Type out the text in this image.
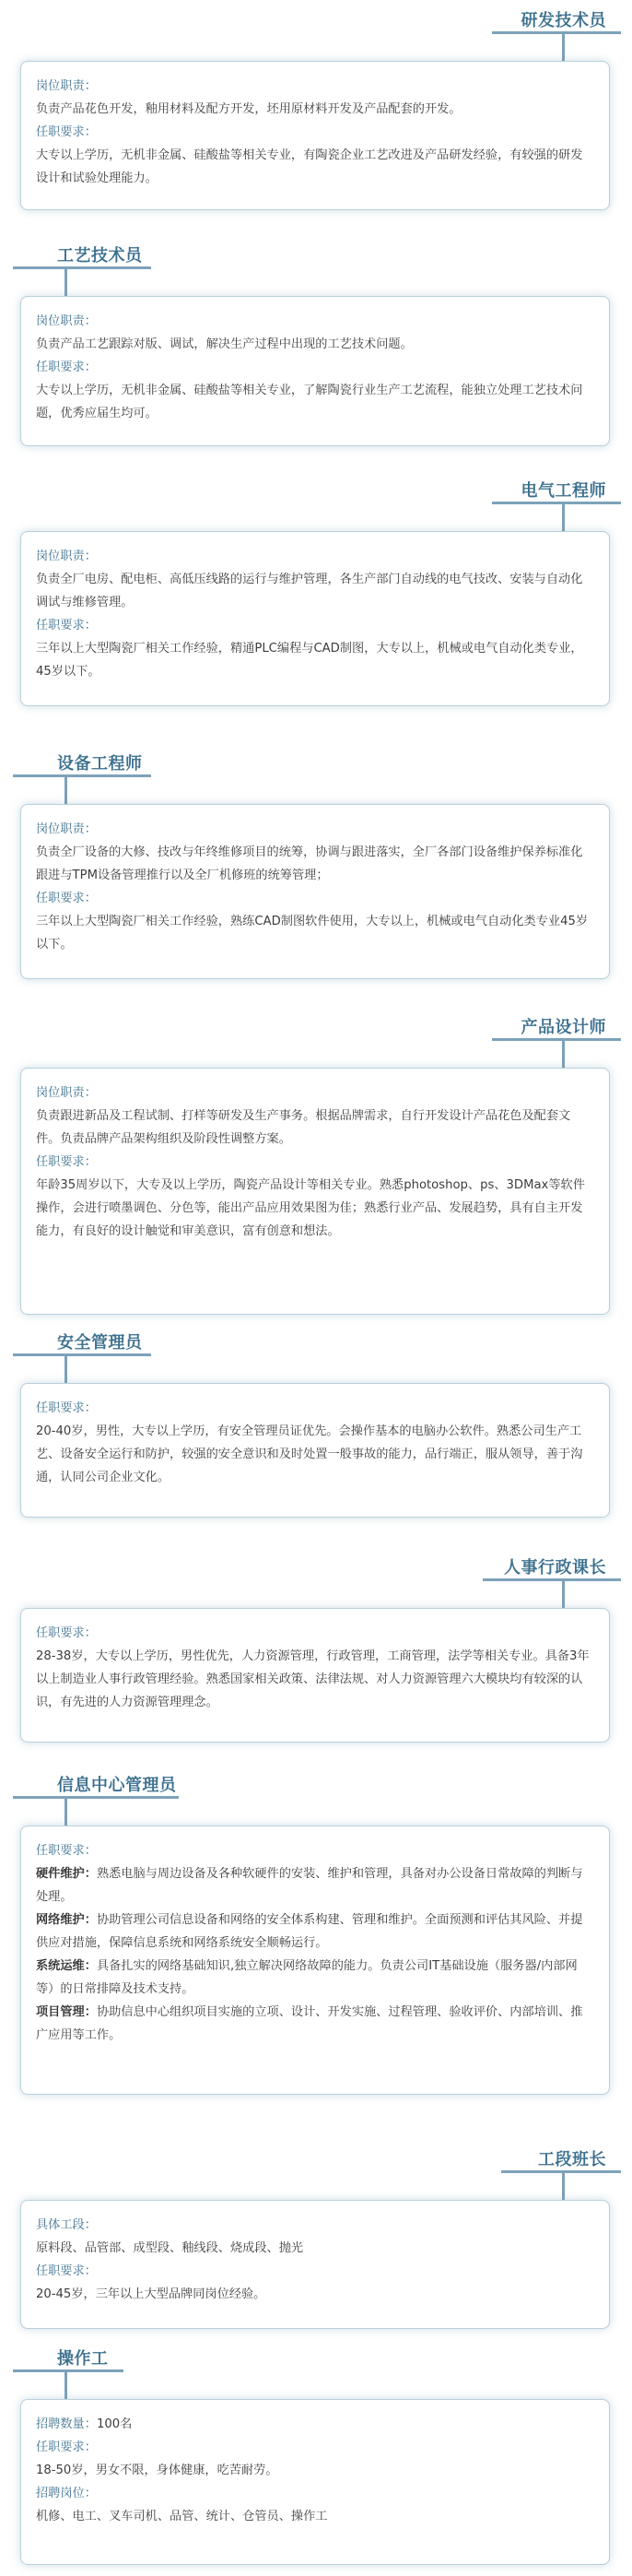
研发技术员

岗位职责：

负责产品花色开发，釉用材料及配方开发，坯用原材料开发及产品配套的开发。

任职要求：

大专以上学历，无机非金属、硅酸盐等相关专业，有陶瓷企业工艺改进及产品研发经验，有较强的研发设计和试验处理能力。

工艺技术员

岗位职责：

负责产品工艺跟踪对版、调试，解决生产过程中出现的工艺技术问题。

任职要求：

大专以上学历，无机非金属、硅酸盐等相关专业，了解陶瓷行业生产工艺流程，能独立处理工艺技术问题，优秀应届生均可。

电气工程师

岗位职责：

负责全厂电房、配电柜、高低压线路的运行与维护管理，各生产部门自动线的电气技改、安装与自动化调试与维修管理。

任职要求：

三年以上大型陶瓷厂相关工作经验，精通PLC编程与CAD制图，大专以上，机械或电气自动化类专业，45岁以下。

设备工程师

岗位职责：

负责全厂设备的大修、技改与年终维修项目的统筹，协调与跟进落实，全厂各部门设备维护保养标准化跟进与TPM设备管理推行以及全厂机修班的统筹管理；

任职要求：

三年以上大型陶瓷厂相关工作经验，熟练CAD制图软件使用，大专以上，机械或电气自动化类专业45岁以下。

产品设计师

岗位职责：

负责跟进新品及工程试制、打样等研发及生产事务。根据品牌需求，自行开发设计产品花色及配套文件。负责品牌产品架构组织及阶段性调整方案。

任职要求：

年龄35周岁以下，大专及以上学历，陶瓷产品设计等相关专业。熟悉photoshop、ps、3DMax等软件操作，会进行喷墨调色、分色等，能出产品应用效果图为佳；熟悉行业产品、发展趋势，具有自主开发能力，有良好的设计触觉和审美意识，富有创意和想法。

安全管理员

任职要求：

20-40岁，男性，大专以上学历，有安全管理员证优先。会操作基本的电脑办公软件。熟悉公司生产工艺、设备安全运行和防护，较强的安全意识和及时处置一般事故的能力，品行端正，服从领导，善于沟通，认同公司企业文化。

人事行政课长

任职要求：

28-38岁，大专以上学历，男性优先，人力资源管理，行政管理，工商管理，法学等相关专业。具备3年以上制造业人事行政管理经验。熟悉国家相关政策、法律法规、对人力资源管理六大模块均有较深的认识，有先进的人力资源管理理念。

信息中心管理员

任职要求：

硬件维护：熟悉电脑与周边设备及各种软硬件的安装、维护和管理，具备对办公设备日常故障的判断与处理。

网络维护：协助管理公司信息设备和网络的安全体系构建、管理和维护。全面预测和评估其风险、并提供应对措施，保障信息系统和网络系统安全顺畅运行。

系统运维：具备扎实的网络基础知识,独立解决网络故障的能力。负责公司IT基础设施（服务器/内部网等）的日常排障及技术支持。

项目管理：协助信息中心组织项目实施的立项、设计、开发实施、过程管理、验收评价、内部培训、推广应用等工作。

工段班长

具体工段：

原料段、品管部、成型段、釉线段、烧成段、抛光

任职要求：

20-45岁，三年以上大型品牌同岗位经验。

操作工

招聘数量：100名

任职要求：

18-50岁，男女不限，身体健康，吃苦耐劳。

招聘岗位：

机修、电工、叉车司机、品管、统计、仓管员、操作工
